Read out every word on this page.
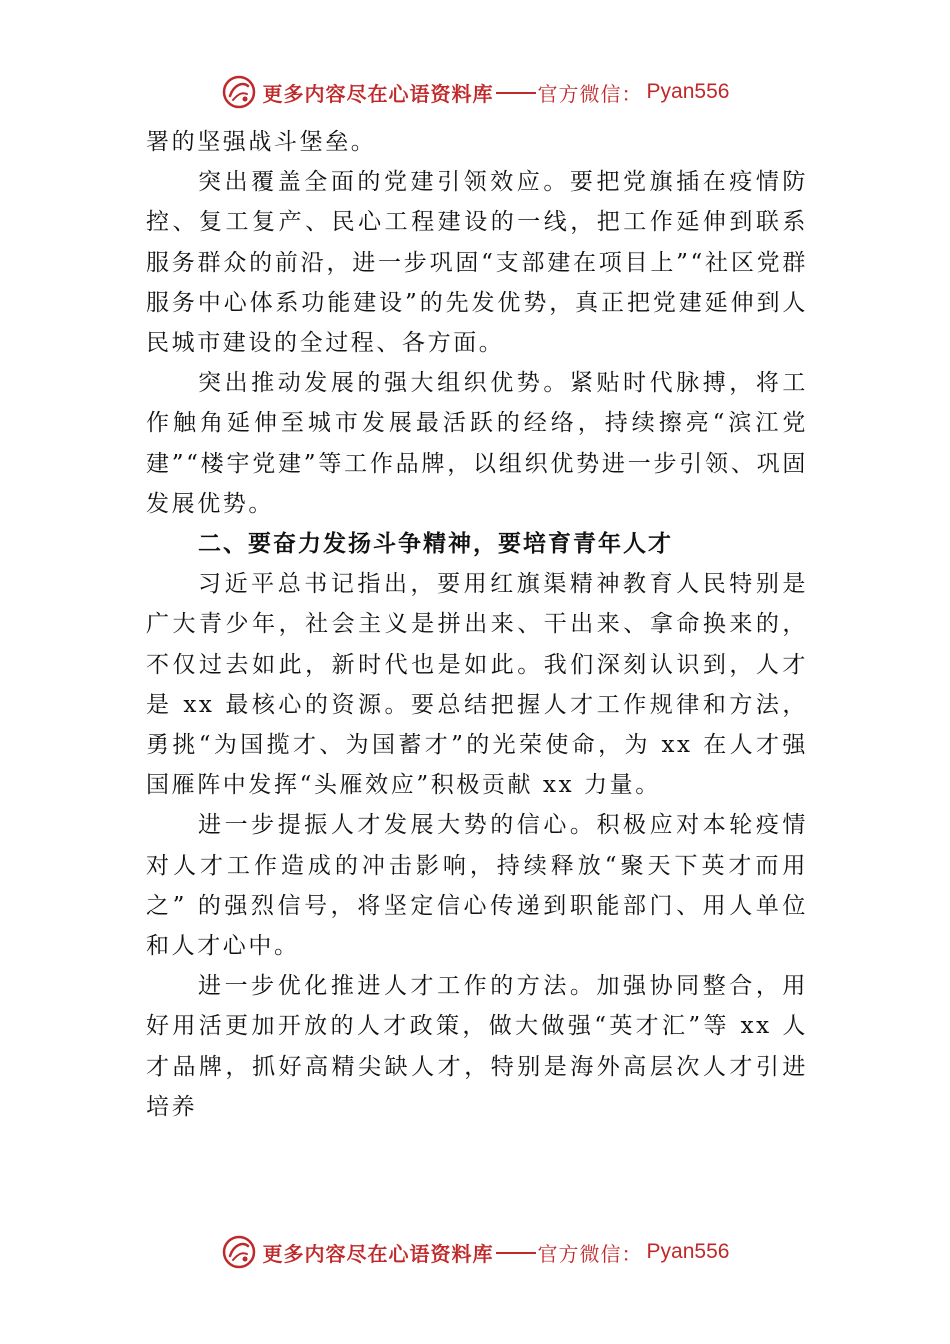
更多内容尽在心语资料库 官方微信： Pyan556

署的坚强战斗堡垒。

突出覆盖全面的党建引领效应。要把党旗插在疫情防控、复工复产、民心工程建设的一线，把工作延伸到联系服务群众的前沿，进一步巩固“支部建在项目上”“社区党群服务中心体系功能建设”的先发优势，真正把党建延伸到人民城市建设的全过程、各方面。

突出推动发展的强大组织优势。紧贴时代脉搏，将工作触角延伸至城市发展最活跃的经络，持续擦亮“滨江党建”“楼宇党建”等工作品牌，以组织优势进一步引领、巩固发展优势。

二、要奋力发扬斗争精神，要培育青年人才

习近平总书记指出，要用红旗渠精神教育人民特别是广大青少年，社会主义是拼出来、干出来、拿命换来的，不仅过去如此，新时代也是如此。我们深刻认识到，人才是 xx 最核心的资源。要总结把握人才工作规律和方法，勇挑“为国揽才、为国蓄才”的光荣使命，为 xx 在人才强国雁阵中发挥“头雁效应”积极贡献 xx 力量。

进一步提振人才发展大势的信心。积极应对本轮疫情对人才工作造成的冲击影响，持续释放“聚天下英才而用之” 的强烈信号，将坚定信心传递到职能部门、用人单位和人才心中。

进一步优化推进人才工作的方法。加强协同整合，用好用活更加开放的人才政策，做大做强“英才汇”等 xx 人才品牌，抓好高精尖缺人才，特别是海外高层次人才引进培养

更多内容尽在心语资料库 官方微信： Pyan556
